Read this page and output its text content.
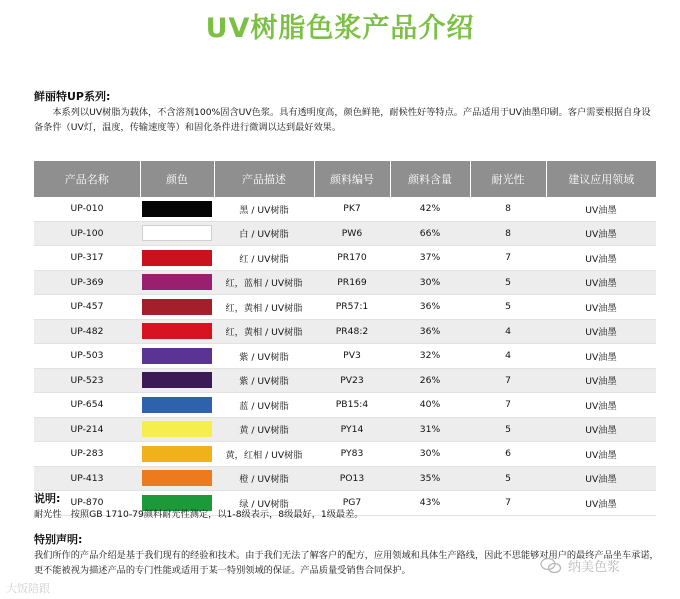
UV树脂色浆产品介绍
鲜丽特UP系列:
　　本系列以UV树脂为载体，不含溶剂100%固含UV色浆。具有透明度高，颜色鲜艳，耐候性好等特点。产品适用于UV油墨印刷。客户需要根据自身设备条件（UV灯，温度，传输速度等）和固化条件进行微调以达到最好效果。
产品名称	颜色	产品描述	颜料编号	颜料含量	耐光性	建议应用领域
UP-010		黑 / UV树脂	PK7	42%	8	UV油墨
UP-100		白 / UV树脂	PW6	66%	8	UV油墨
UP-317		红 / UV树脂	PR170	37%	7	UV油墨
UP-369		红，蓝相 / UV树脂	PR169	30%	5	UV油墨
UP-457		红，黄相 / UV树脂	PR57:1	36%	5	UV油墨
UP-482		红，黄相 / UV树脂	PR48:2	36%	4	UV油墨
UP-503		紫 / UV树脂	PV3	32%	4	UV油墨
UP-523		紫 / UV树脂	PV23	26%	7	UV油墨
UP-654		蓝 / UV树脂	PB15:4	40%	7	UV油墨
UP-214		黄 / UV树脂	PY14	31%	5	UV油墨
UP-283		黄，红相 / UV树脂	PY83	30%	6	UV油墨
UP-413		橙 / UV树脂	PO13	35%	5	UV油墨
UP-870		绿 / UV树脂	PG7	43%	7	UV油墨
说明:
耐光性　按照GB 1710-79颜料耐光性测定，以1-8级表示，8级最好，1级最差。
特别声明:
我们所作的产品介绍是基于我们现有的经验和技术。由于我们无法了解客户的配方，应用领域和具体生产路线，因此不思能够对用户的最终产品坐车承诺，更不能被视为描述产品的专门性能或适用于某一特别领域的保证。产品质量受销售合同保护。
大饭陪跟
纳美色浆
